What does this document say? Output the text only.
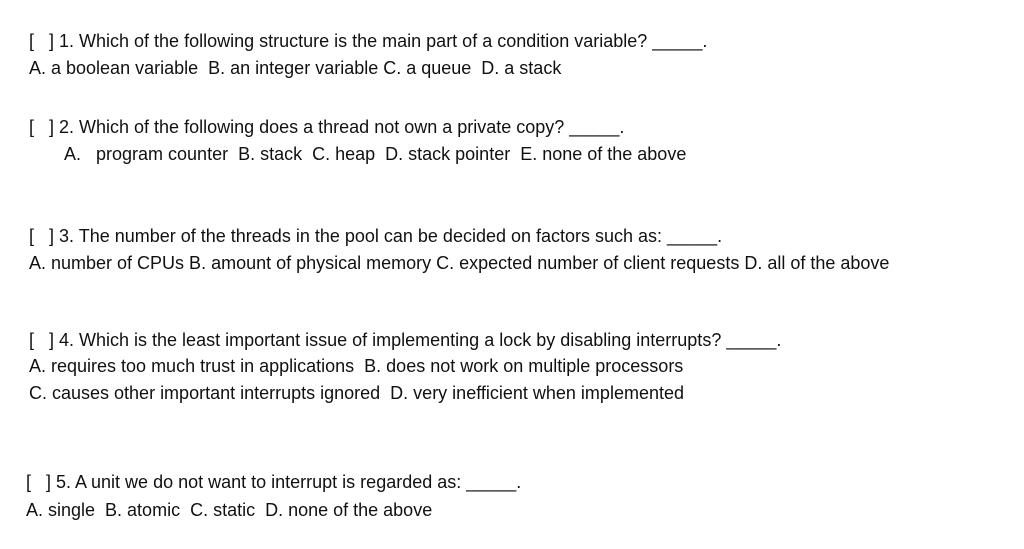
[   ] 1. Which of the following structure is the main part of a condition variable? _____.
A. a boolean variable  B. an integer variable C. a queue  D. a stack
[   ] 2. Which of the following does a thread not own a private copy? _____.
A.   program counter  B. stack  C. heap  D. stack pointer  E. none of the above
[   ] 3. The number of the threads in the pool can be decided on factors such as: _____.
A. number of CPUs B. amount of physical memory C. expected number of client requests D. all of the above
[   ] 4. Which is the least important issue of implementing a lock by disabling interrupts? _____.
A. requires too much trust in applications  B. does not work on multiple processors
C. causes other important interrupts ignored  D. very inefficient when implemented
[   ] 5. A unit we do not want to interrupt is regarded as: _____.
A. single  B. atomic  C. static  D. none of the above
